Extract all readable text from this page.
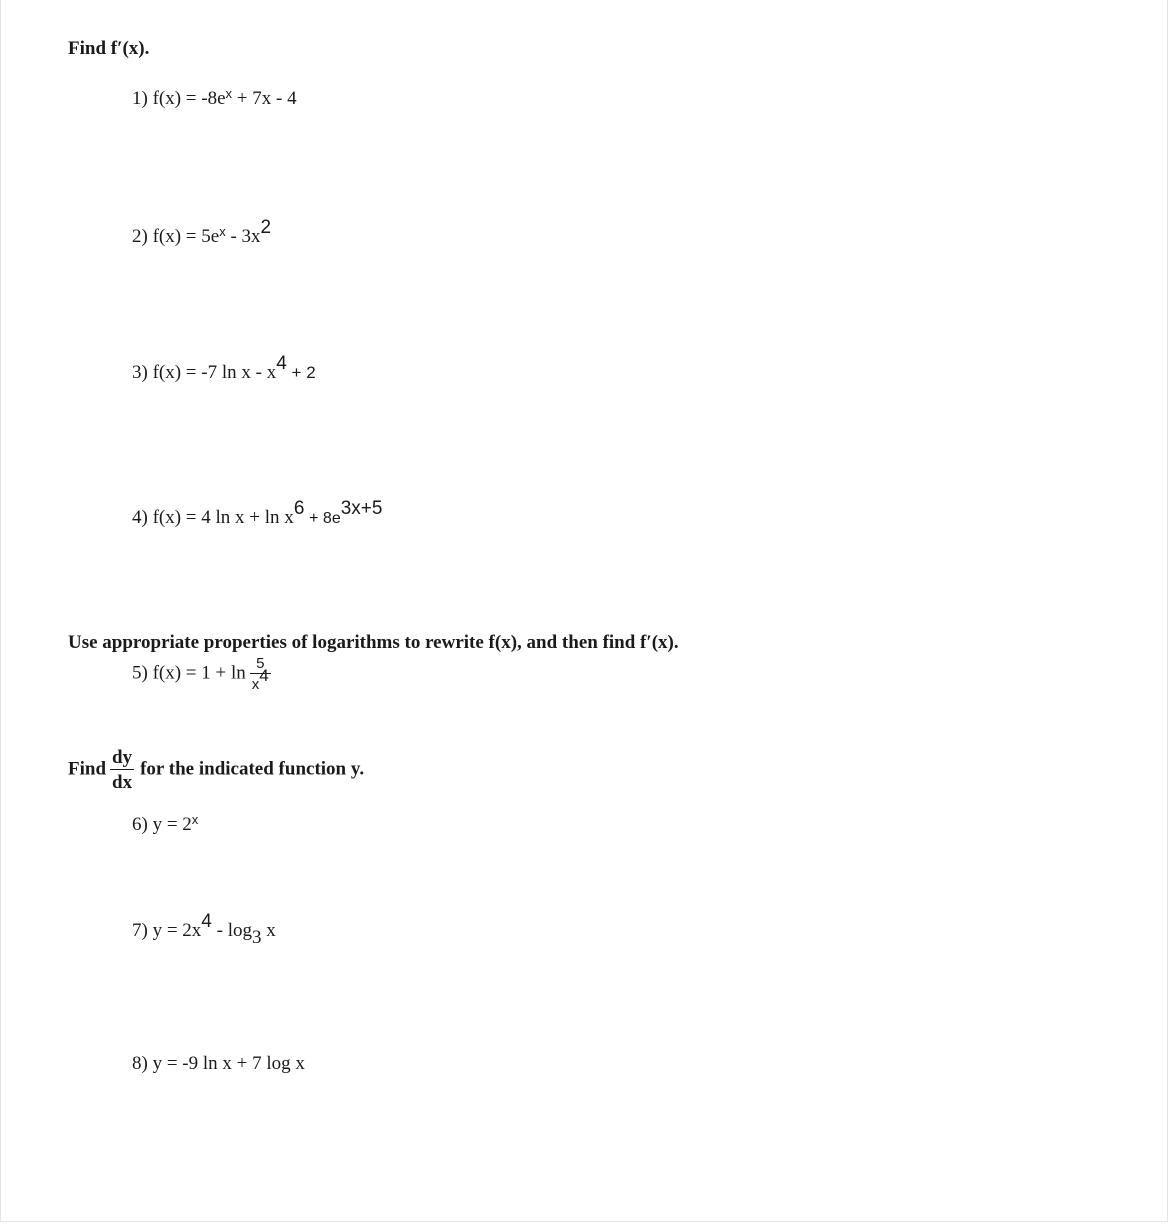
Find f′(x).
1) $f(x) = -8e^x + 7x - 4$
2) $f(x) = 5e^x - 3x^2$
3) f(x) = -7 $\ln x - x^4 + 2$
4) f(x) = 4 $\ln x + \ln x^6 + 8e^{3x+5}$
Use appropriate properties of logarithms to rewrite f(x), and then find f′(x).
5) $f(x) = 1 + \ln \frac{5}{x^4}$
Find $\frac{dy}{dx}$ for the indicated function y.
6) $y = 2^x$
7) $y = 2x^4 - \log_3 x$
8) y = -9 ln x + 7 log x
